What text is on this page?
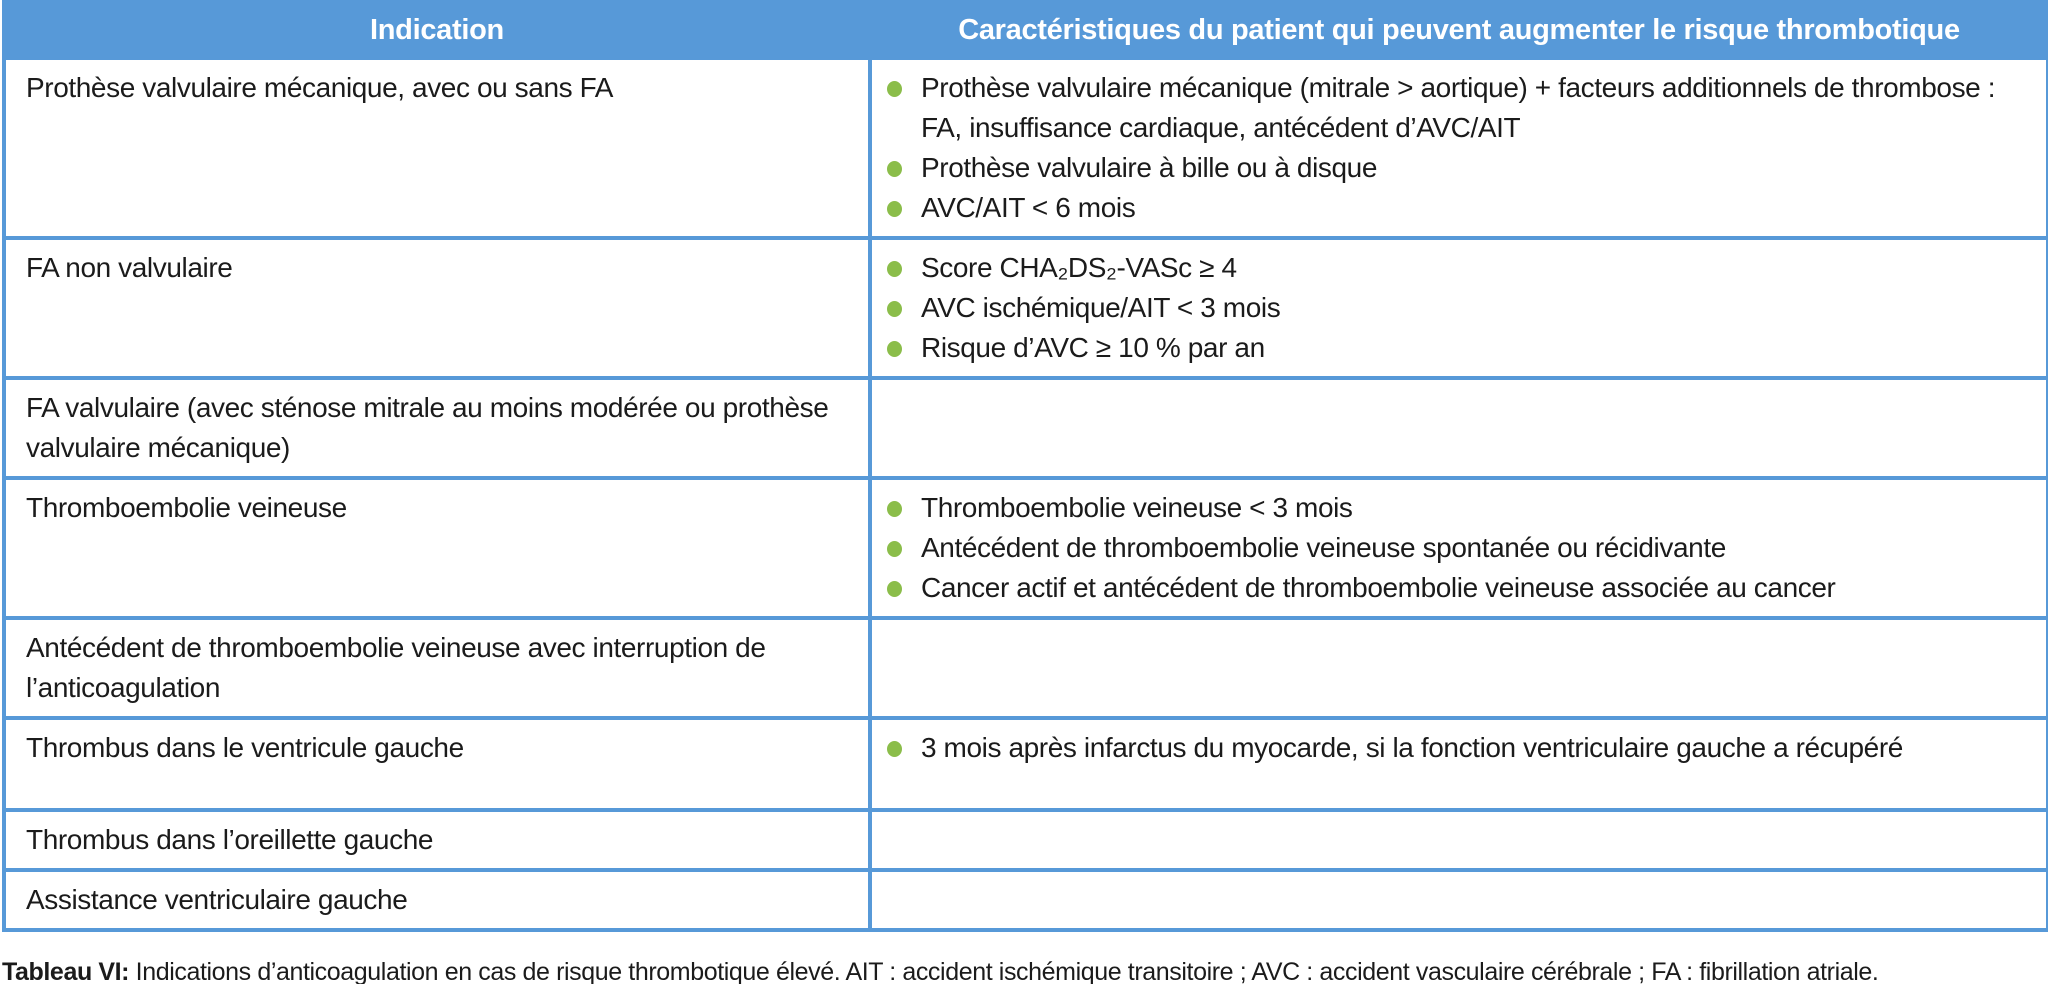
Indication	Caractéristiques du patient qui peuvent augmenter le risque thrombotique
Prothèse valvulaire mécanique, avec ou sans FA	Prothèse valvulaire mécanique (mitrale > aortique) + facteurs additionnels de thrombose : FA, insuffisance cardiaque, antécédent d’AVC/AIT
Prothèse valvulaire à bille ou à disque
AVC/AIT < 6 mois

FA non valvulaire	Score CHA₂DS₂-VASc ≥ 4
AVC ischémique/AIT < 3 mois
Risque d’AVC ≥ 10 % par an

FA valvulaire (avec sténose mitrale au moins modérée ou prothèse valvulaire mécanique)	
Thromboembolie veineuse	Thromboembolie veineuse < 3 mois
Antécédent de thromboembolie veineuse spontanée ou récidivante
Cancer actif et antécédent de thromboembolie veineuse associée au cancer

Antécédent de thromboembolie veineuse avec interruption de l’anticoagulation	
Thrombus dans le ventricule gauche	3 mois après infarctus du myocarde, si la fonction ventriculaire gauche a récupéré

Thrombus dans l’oreillette gauche	
Assistance ventriculaire gauche	

Tableau VI: Indications d’anticoagulation en cas de risque thrombotique élevé. AIT : accident ischémique transitoire ; AVC : accident vasculaire cérébrale ; FA : fibrillation atriale.
